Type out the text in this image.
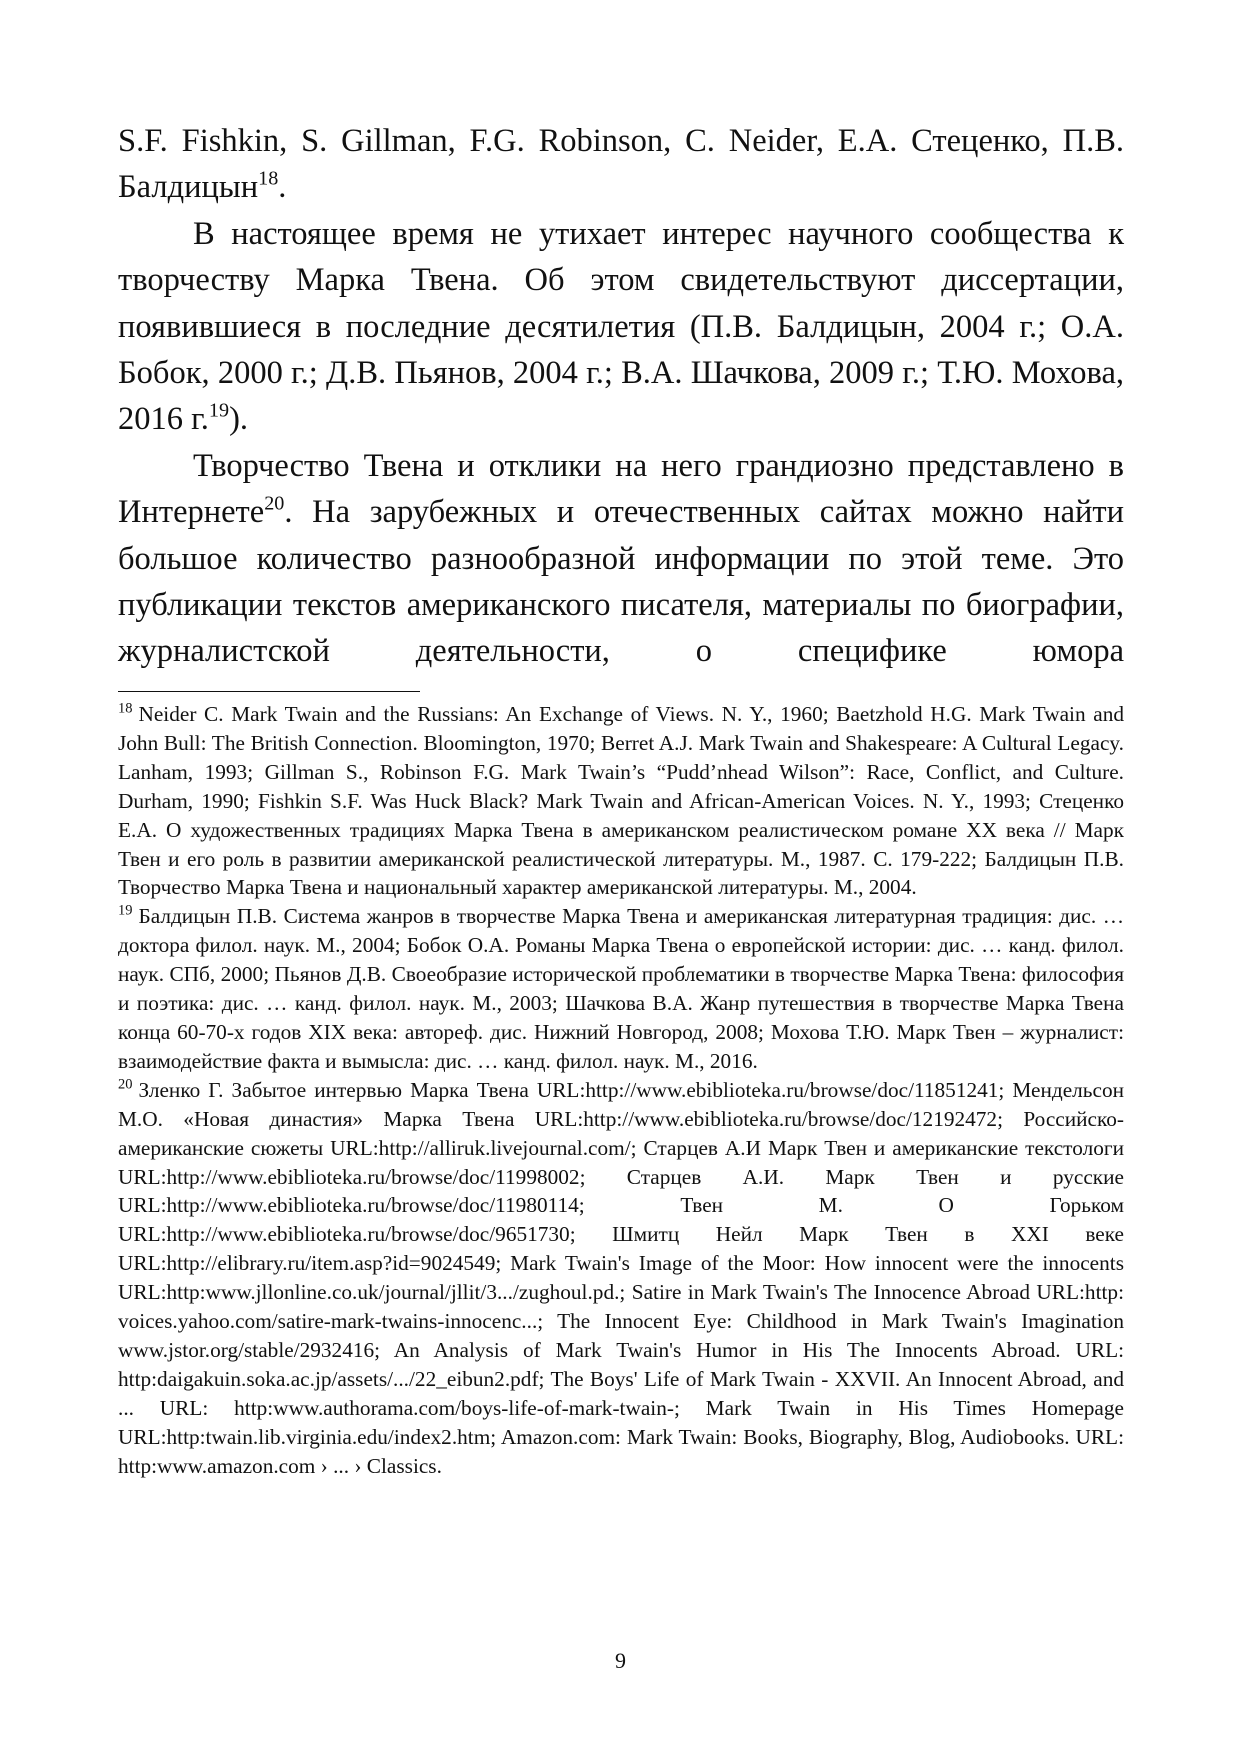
S.F. Fishkin, S. Gillman, F.G. Robinson, C. Neider, E.A. Стеценко, П.В. Балдицын$^{18}$.

В настоящее время не утихает интерес научного сообщества к творчеству Марка Твена. Об этом свидетельствуют диссертации, появившиеся в последние десятилетия (П.В. Балдицын, 2004 г.; О.А. Бобок, 2000 г.; Д.В. Пьянов, 2004 г.; В.А. Шачкова, 2009 г.; Т.Ю. Мохова, 2016 г.$^{19}$).

Творчество Твена и отклики на него грандиозно представлено в Интернете$^{20}$. На зарубежных и отечественных сайтах можно найти большое количество разнообразной информации по этой теме. Это публикации текстов американского писателя, материалы по биографии, журналистской деятельности, о специфике юмора

$^{18}$ Neider C. Mark Twain and the Russians: An Exchange of Views. N. Y., 1960; Baetzhold H.G. Mark Twain and John Bull: The British Connection. Bloomington, 1970; Berret A.J. Mark Twain and Shakespeare: A Cultural Legacy. Lanham, 1993; Gillman S., Robinson F.G. Mark Twain’s “Pudd’nhead Wilson”: Race, Conflict, and Culture. Durham, 1990; Fishkin S.F. Was Huck Black? Mark Twain and African-American Voices. N. Y., 1993; Стеценко Е.А. О художественных традициях Марка Твена в американском реалистическом романе XX века // Марк Твен и его роль в развитии американской реалистической литературы. М., 1987. С. 179-222; Балдицын П.В. Творчество Марка Твена и национальный характер американской литературы. М., 2004.

$^{19}$ Балдицын П.В. Система жанров в творчестве Марка Твена и американская литературная традиция: дис. … доктора филол. наук. М., 2004; Бобок О.А. Романы Марка Твена о европейской истории: дис. … канд. филол. наук. СПб, 2000; Пьянов Д.В. Своеобразие исторической проблематики в творчестве Марка Твена: философия и поэтика: дис. … канд. филол. наук. М., 2003; Шачкова В.А. Жанр путешествия в творчестве Марка Твена конца 60-70-х годов XIX века: автореф. дис. Нижний Новгород, 2008; Мохова Т.Ю. Марк Твен – журналист: взаимодействие факта и вымысла: дис. … канд. филол. наук. М., 2016.

$^{20}$ Зленко Г. Забытое интервью Марка Твена URL:http://www.ebiblioteka.ru/browse/doc/11851241; Мендельсон М.О. «Новая династия» Марка Твена URL:http://www.ebiblioteka.ru/browse/doc/12192472; Российско-американские сюжеты URL:http://alliruk.livejournal.com/; Старцев А.И Марк Твен и американские текстологи URL:http://www.ebibliotеka.ru/browse/doc/11998002; Старцев А.И. Марк Твен и русские URL:http://www.ebiblioteka.ru/browse/doc/11980114; Твен М. О Горьком URL:http://www.ebiblioteka.ru/browse/doc/9651730; Шмитц Нейл Марк Твен в XXI веке URL:http://elibrary.ru/item.asp?id=9024549; Mark Twain's Image of the Moor: How innocent were the innocents URL:http:www.jllonline.co.uk/journal/jllit/3.../zughoul.pd.; Satire in Mark Twain's The Innocence Abroad URL:http: voices.yahoo.com/satire-mark-twains-innocenc...; The Innocent Eye: Childhood in Mark Twain's Imagination www.jstor.org/stable/2932416; An Analysis of Mark Twain's Humor in His The Innocents Abroad. URL: http:daigakuin.soka.ac.jp/assets/.../22_eibun2.pdf; The Boys' Life of Mark Twain - XXVII. An Innocent Abroad, and ... URL: http:www.authorama.com/boys-life-of-mark-twain-; Mark Twain in His Times Homepage URL:http:twain.lib.virginia.edu/index2.htm; Amazon.com: Mark Twain: Books, Biography, Blog, Audiobooks. URL: http:www.amazon.com › ... › Classics.

9
